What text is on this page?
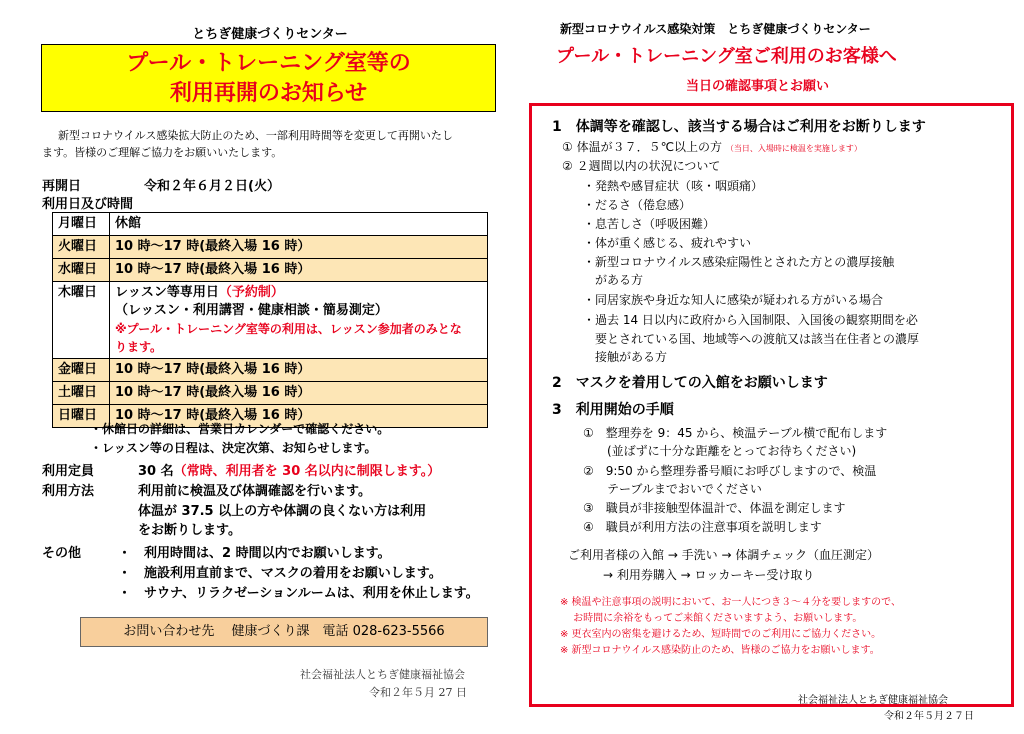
とちぎ健康づくりセンター
プール・トレーニング室等の
利用再開のお知らせ
新型コロナウイルス感染拡大防止のため、一部利用時間等を変更して再開いたし
ます。皆様のご理解ご協力をお願いいたします。
再開日	令和２年６月２日(火）
利用日及び時間
月曜日	休館
火曜日	10 時～17 時(最終入場 16 時）
水曜日	10 時～17 時(最終入場 16 時）
木曜日	レッスン等専用日（予約制）
（レッスン・利用講習・健康相談・簡易測定）
※プール・トレーニング室等の利用は、レッスン参加者のみとな
ります。

金曜日	10 時～17 時(最終入場 16 時）
土曜日	10 時～17 時(最終入場 16 時）
日曜日	10 時～17 時(最終入場 16 時）
・休館日の詳細は、営業日カレンダーで確認ください。
・レッスン等の日程は、決定次第、お知らせします。
利用定員	30 名（常時、利用者を 30 名以内に制限します。）
利用方法	利用前に検温及び体調確認を行います。
体温が 37.5 以上の方や体調の良くない方は利用
をお断りします。
その他	・　利用時間は、2 時間以内でお願いします。
・　施設利用直前まで、マスクの着用をお願いします。
・　サウナ、リラクゼーションルームは、利用を休止します。
お問い合わせ先　 健康づくり課　電話 028-623-5566
社会福祉法人とちぎ健康福祉協会
令和２年５月 27 日
新型コロナウイルス感染対策　とちぎ健康づくりセンター
プール・トレーニング室ご利用のお客様へ
当日の確認事項とお願い
1　体調等を確認し、該当する場合はご利用をお断りします
① 体温が３７．５℃以上の方 （当日、入場時に検温を実施します）
② ２週間以内の状況について
・発熱や感冒症状（咳・咽頭痛）
・だるさ（倦怠感）
・息苦しさ（呼吸困難）
・体が重く感じる、疲れやすい
・新型コロナウイルス感染症陽性とされた方との濃厚接触
　がある方
・同居家族や身近な知人に感染が疑われる方がいる場合
・過去 14 日以内に政府から入国制限、入国後の観察期間を必
　要とされている国、地域等への渡航又は該当在住者との濃厚
　接触がある方
2　マスクを着用しての入館をお願いします
3　利用開始の手順
①　整理券を 9：45 から、検温テーブル横で配布します
　　(並ばずに十分な距離をとってお待ちください)
②　9:50 から整理券番号順にお呼びしますので、検温
　　テーブルまでおいでください
③　職員が非接触型体温計で、体温を測定します
④　職員が利用方法の注意事項を説明します
ご利用者様の入館 → 手洗い → 体調チェック（血圧測定）
→ 利用券購入 → ロッカーキー受け取り
※ 検温や注意事項の説明において、お一人につき３～４分を要しますので、
　 お時間に余裕をもってご来館くださいますよう、お願いします。
※ 更衣室内の密集を避けるため、短時間でのご利用にご協力ください。
※ 新型コロナウイルス感染防止のため、皆様のご協力をお願いします。
社会福祉法人とちぎ健康福祉協会
令和２年５月２７日
